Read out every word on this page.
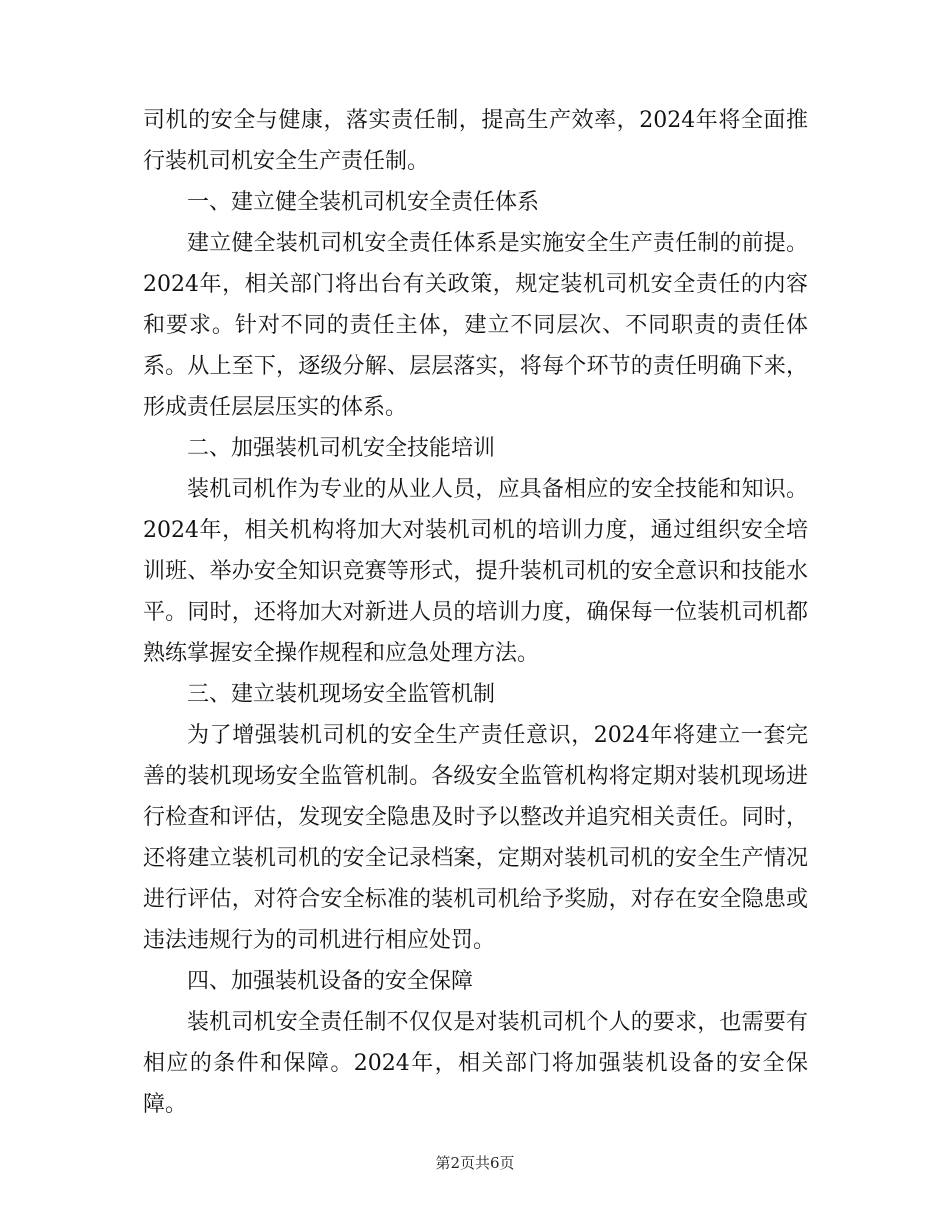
司机的安全与健康，落实责任制，提高生产效率，2024年将全面推行装机司机安全生产责任制。

一、建立健全装机司机安全责任体系

建立健全装机司机安全责任体系是实施安全生产责任制的前提。2024年，相关部门将出台有关政策，规定装机司机安全责任的内容和要求。针对不同的责任主体，建立不同层次、不同职责的责任体系。从上至下，逐级分解、层层落实，将每个环节的责任明确下来，形成责任层层压实的体系。

二、加强装机司机安全技能培训

装机司机作为专业的从业人员，应具备相应的安全技能和知识。2024年，相关机构将加大对装机司机的培训力度，通过组织安全培训班、举办安全知识竞赛等形式，提升装机司机的安全意识和技能水平。同时，还将加大对新进人员的培训力度，确保每一位装机司机都熟练掌握安全操作规程和应急处理方法。

三、建立装机现场安全监管机制

为了增强装机司机的安全生产责任意识，2024年将建立一套完善的装机现场安全监管机制。各级安全监管机构将定期对装机现场进行检查和评估，发现安全隐患及时予以整改并追究相关责任。同时，还将建立装机司机的安全记录档案，定期对装机司机的安全生产情况进行评估，对符合安全标准的装机司机给予奖励，对存在安全隐患或违法违规行为的司机进行相应处罚。

四、加强装机设备的安全保障

装机司机安全责任制不仅仅是对装机司机个人的要求，也需要有相应的条件和保障。2024年，相关部门将加强装机设备的安全保障。

第2页共6页
